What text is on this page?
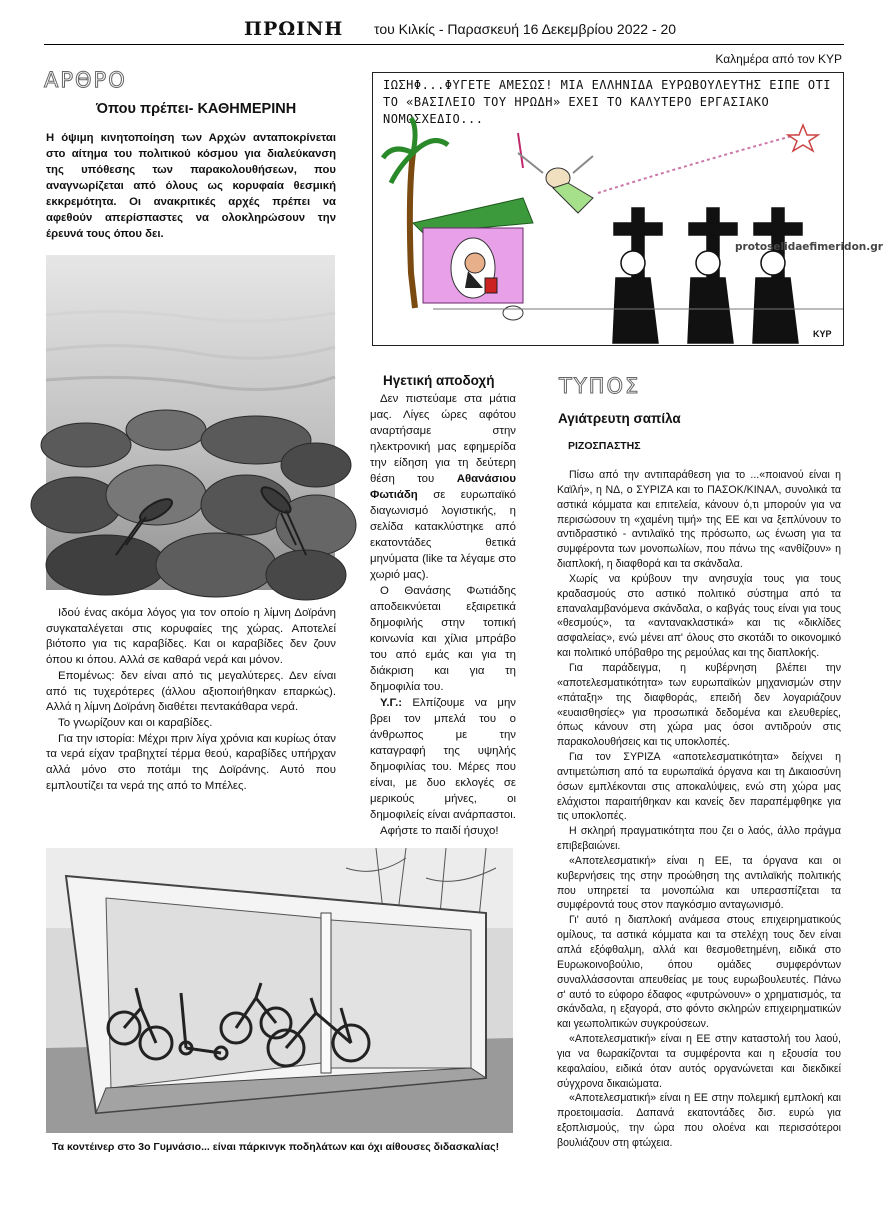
ΠΡΩΙΝΗ του Κιλκίς - Παρασκευή 16 Δεκεμβρίου 2022 - 20
Καλημέρα από τον ΚΥΡ
ΑΡΘΡΟ
Όπου πρέπει- ΚΑΘΗΜΕΡΙΝΗ
Η όψιμη κινητοποίηση των Αρχών ανταποκρίνεται στο αίτημα του πολιτικού κόσμου για διαλεύκανση της υπόθεσης των παρακολουθήσεων, που αναγνωρίζεται από όλους ως κορυφαία θεσμική εκκρεμότητα. Οι ανακριτικές αρχές πρέπει να αφεθούν απερίσπαστες να ολοκληρώσουν την έρευνά τους όπου δει.

Ιδού ένας ακόμα λόγος για τον οποίο η λίμνη Δοϊράνη συγκαταλέγεται στις κορυφαίες της χώρας. Αποτελεί βιότοπο για τις καραβίδες. Και οι καραβίδες δεν ζουν όπου κι όπου. Αλλά σε καθαρά νερά και μόνον.

Επομένως: δεν είναι από τις μεγαλύτερες. Δεν είναι από τις τυχερότερες (άλλου αξιοποιήθηκαν επαρκώς). Αλλά η λίμνη Δοϊράνη διαθέτει πεντακάθαρα νερά.

Το γνωρίζουν και οι καραβίδες.

Για την ιστορία: Μέχρι πριν λίγα χρόνια και κυρίως όταν τα νερά είχαν τραβηχτεί τέρμα θεού, καραβίδες υπήρχαν αλλά μόνο στο ποτάμι της Δοϊράνης. Αυτό που εμπλουτίζει τα νερά της από το Μπέλες.

ΙΩΣΗΦ...ΦΥΓΕΤΕ ΑΜΕΣΩΣ! ΜΙΑ ΕΛΛΗΝΙΔΑ ΕΥΡΩΒΟΥΛΕΥΤΗΣ ΕΙΠΕ ΟΤΙ ΤΟ «ΒΑΣΙΛΕΙΟ ΤΟΥ ΗΡΩΔΗ» ΕΧΕΙ ΤΟ ΚΑΛΥΤΕΡΟ ΕΡΓΑΣΙΑΚΟ ΝΟΜΟΣΧΕΔΙΟ...
protoselidaefimeridon.gr
ΚΥΡ
Ηγετική αποδοχή

Δεν πιστεύαμε στα μάτια μας. Λίγες ώρες αφότου αναρτήσαμε στην ηλεκτρονική μας εφημερίδα την είδηση για τη δεύτερη θέση του Αθανάσιου Φωτιάδη σε ευρωπαϊκό διαγωνισμό λογιστικής, η σελίδα κατακλύστηκε από εκατοντάδες θετικά μηνύματα (like τα λέγαμε στο χωριό μας).

Ο Θανάσης Φωτιάδης αποδεικνύεται εξαιρετικά δημοφιλής στην τοπική κοινωνία και χίλια μπράβο του από εμάς και για τη διάκριση και για τη δημοφιλία του.

Υ.Γ.: Ελπίζουμε να μην βρει τον μπελά του ο άνθρωπος με την καταγραφή της υψηλής δημοφιλίας του. Μέρες που είναι, με δυο εκλογές σε μερικούς μήνες, οι δημοφιλείς είναι ανάρπαστοι.

Αφήστε το παιδί ήσυχο!

ΤΥΠΟΣ
Αγιάτρευτη σαπίλα
ΡΙΖΟΣΠΑΣΤΗΣ

Πίσω από την αντιπαράθεση για το ...«ποιανού είναι η Καϊλή», η ΝΔ, ο ΣΥΡΙΖΑ και το ΠΑΣΟΚ/ΚΙΝΑΛ, συνολικά τα αστικά κόμματα και επιτελεία, κάνουν ό,τι μπορούν για να περισώσουν τη «χαμένη τιμή» της ΕΕ και να ξεπλύνουν το αντιδραστικό - αντιλαϊκό της πρόσωπο, ως ένωση για τα συμφέροντα των μονοπωλίων, που πάνω της «ανθίζουν» η διαπλοκή, η διαφθορά και τα σκάνδαλα.

Χωρίς να κρύβουν την ανησυχία τους για τους κραδασμούς στο αστικό πολιτικό σύστημα από τα επαναλαμβανόμενα σκάνδαλα, ο καβγάς τους είναι για τους «θεσμούς», τα «αντανακλαστικά» και τις «δικλίδες ασφαλείας», ενώ μένει απ' όλους στο σκοτάδι το οικονομικό και πολιτικό υπόβαθρο της ρεμούλας και της διαπλοκής.

Για παράδειγμα, η κυβέρνηση βλέπει την «αποτελεσματικότητα» των ευρωπαϊκών μηχανισμών στην «πάταξη» της διαφθοράς, επειδή δεν λογαριάζουν «ευαισθησίες» για προσωπικά δεδομένα και ελευθερίες, όπως κάνουν στη χώρα μας όσοι αντιδρούν στις παρακολουθήσεις και τις υποκλοπές.

Για τον ΣΥΡΙΖΑ «αποτελεσματικότητα» δείχνει η αντιμετώπιση από τα ευρωπαϊκά όργανα και τη Δικαιοσύνη όσων εμπλέκονται στις αποκαλύψεις, ενώ στη χώρα μας ελάχιστοι παραιτήθηκαν και κανείς δεν παραπέμφθηκε για τις υποκλοπές.

Η σκληρή πραγματικότητα που ζει ο λαός, άλλο πράγμα επιβεβαιώνει.

«Αποτελεσματική» είναι η ΕΕ, τα όργανα και οι κυβερνήσεις της στην προώθηση της αντιλαϊκής πολιτικής που υπηρετεί τα μονοπώλια και υπερασπίζεται τα συμφέροντά τους στον παγκόσμιο ανταγωνισμό.

Γι' αυτό η διαπλοκή ανάμεσα στους επιχειρηματικούς ομίλους, τα αστικά κόμματα και τα στελέχη τους δεν είναι απλά εξόφθαλμη, αλλά και θεσμοθετημένη, ειδικά στο Ευρωκοινοβούλιο, όπου ομάδες συμφερόντων συναλλάσσονται απευθείας με τους ευρωβουλευτές. Πάνω σ' αυτό το εύφορο έδαφος «φυτρώνουν» ο χρηματισμός, τα σκάνδαλα, η εξαγορά, στο φόντο σκληρών επιχειρηματικών και γεωπολιτικών συγκρούσεων.

«Αποτελεσματική» είναι η ΕΕ στην καταστολή του λαού, για να θωρακίζονται τα συμφέροντα και η εξουσία του κεφαλαίου, ειδικά όταν αυτός οργανώνεται και διεκδικεί σύγχρονα δικαιώματα.

«Αποτελεσματική» είναι η ΕΕ στην πολεμική εμπλοκή και προετοιμασία. Δαπανά εκατοντάδες δισ. ευρώ για εξοπλισμούς, την ώρα που ολοένα και περισσότεροι βουλιάζουν στη φτώχεια.

Τα κοντέινερ στο 3ο Γυμνάσιο... είναι πάρκινγκ ποδηλάτων και όχι αίθουσες διδασκαλίας!
